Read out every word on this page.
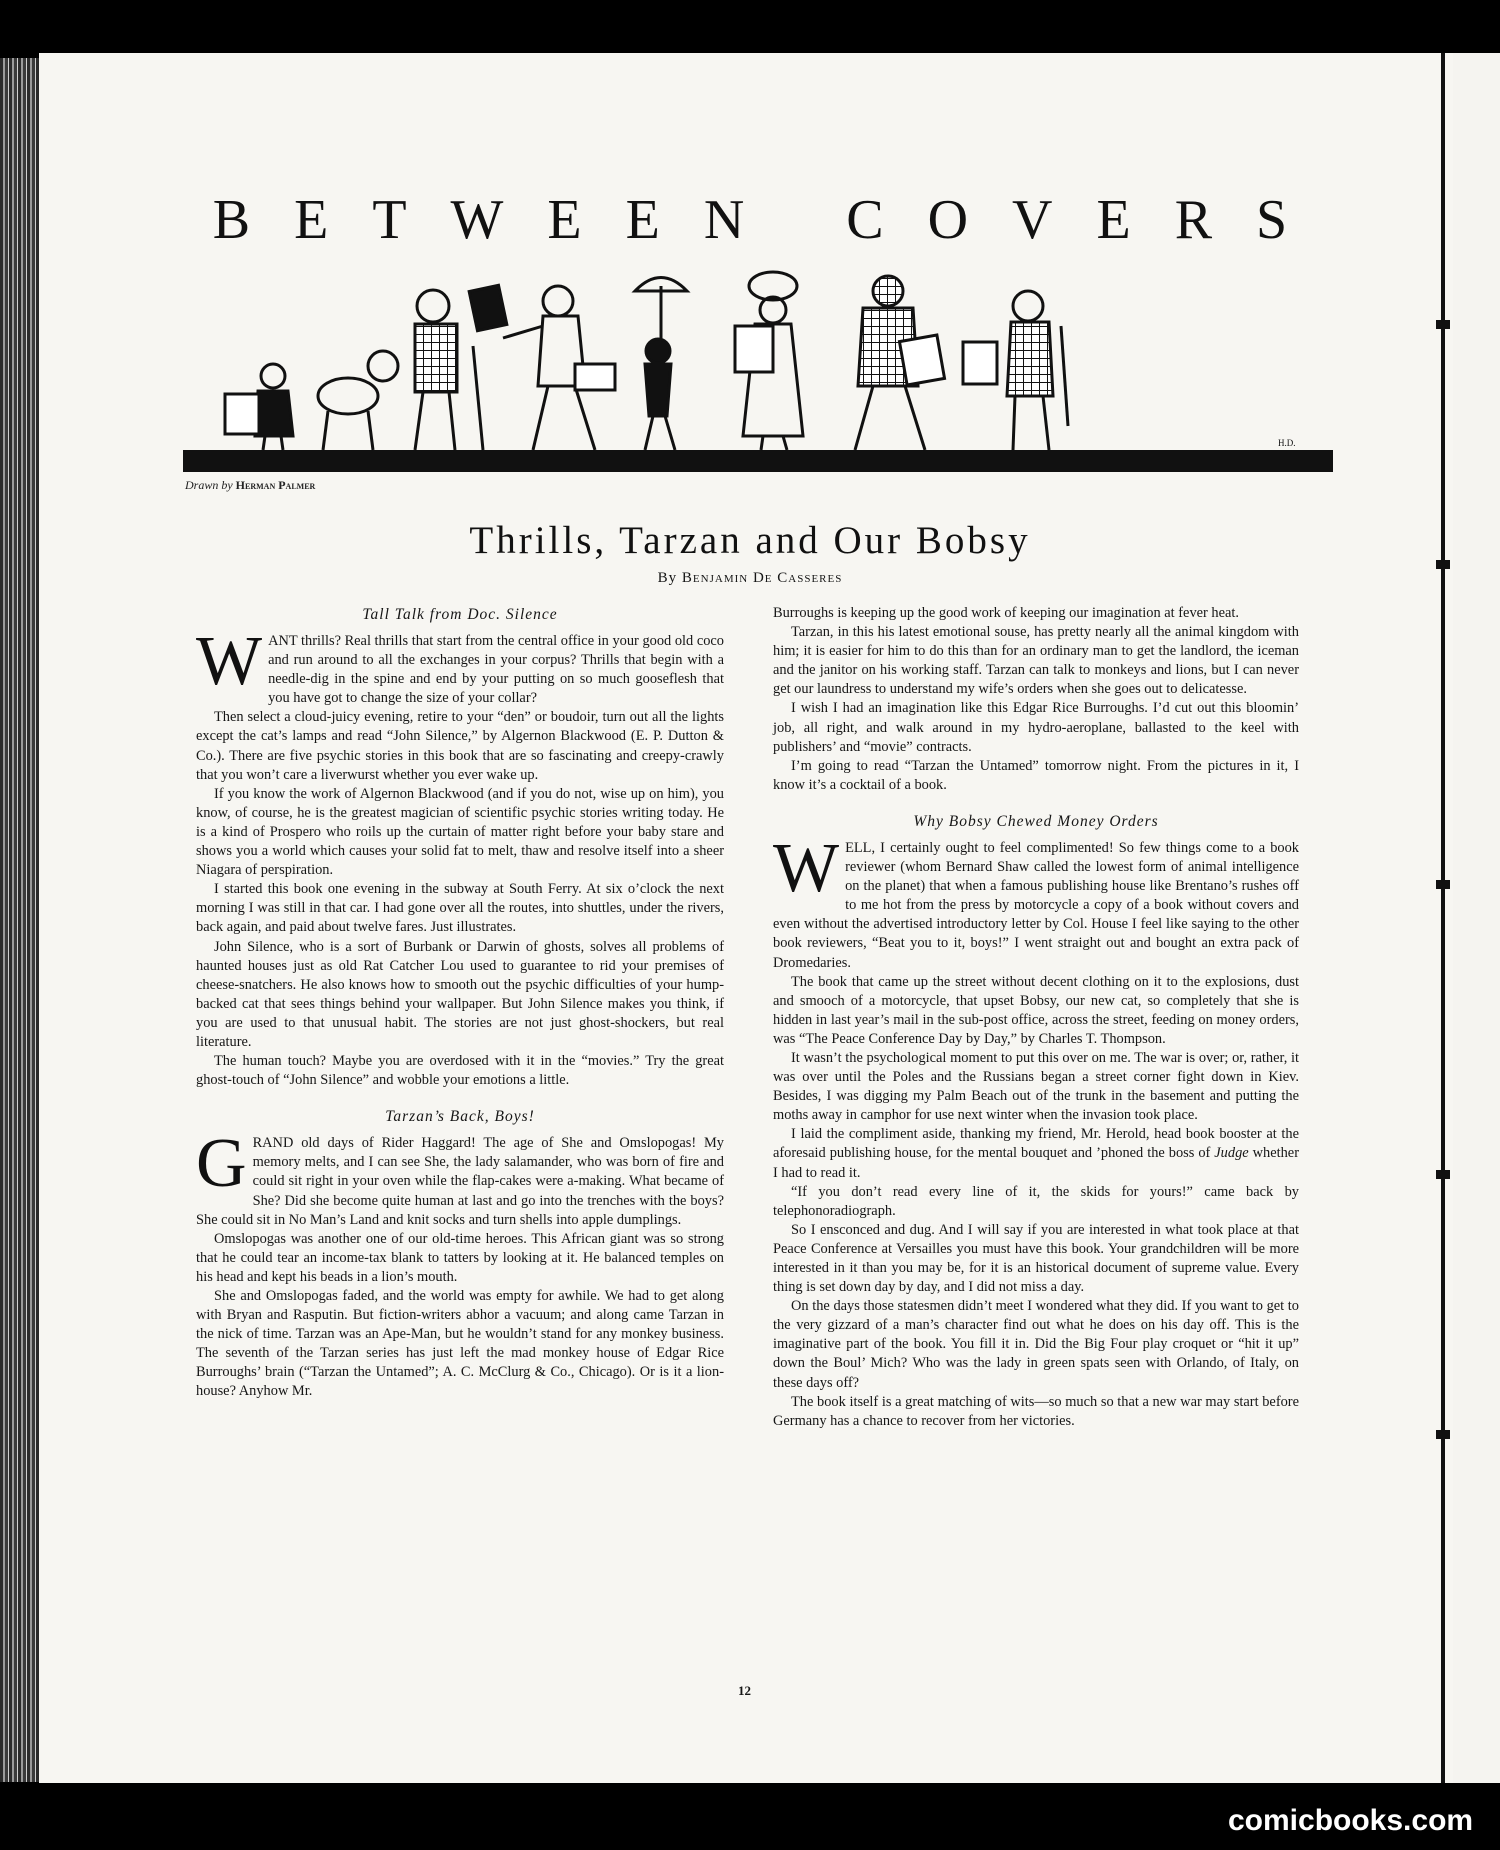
BETWEEN COVERS
H.D.
Drawn by Herman Palmer
Thrills, Tarzan and Our Bobsy
By Benjamin De Casseres
Tall Talk from Doc. Silence

WANT thrills? Real thrills that start from the central office in your good old coco and run around to all the exchanges in your corpus? Thrills that begin with a needle-dig in the spine and end by your putting on so much gooseflesh that you have got to change the size of your collar?

Then select a cloud-juicy evening, retire to your “den” or boudoir, turn out all the lights except the cat’s lamps and read “John Silence,” by Algernon Blackwood (E. P. Dutton & Co.). There are five psychic stories in this book that are so fascinating and creepy-crawly that you won’t care a liverwurst whether you ever wake up.

If you know the work of Algernon Blackwood (and if you do not, wise up on him), you know, of course, he is the greatest magician of scientific psychic stories writing today. He is a kind of Prospero who roils up the curtain of matter right before your baby stare and shows you a world which causes your solid fat to melt, thaw and resolve itself into a sheer Niagara of perspiration.

I started this book one evening in the subway at South Ferry. At six o’clock the next morning I was still in that car. I had gone over all the routes, into shuttles, under the rivers, back again, and paid about twelve fares. Just illustrates.

John Silence, who is a sort of Burbank or Darwin of ghosts, solves all problems of haunted houses just as old Rat Catcher Lou used to guarantee to rid your premises of cheese-snatchers. He also knows how to smooth out the psychic difficulties of your hump-backed cat that sees things behind your wallpaper. But John Silence makes you think, if you are used to that unusual habit. The stories are not just ghost-shockers, but real literature.

The human touch? Maybe you are overdosed with it in the “movies.” Try the great ghost-touch of “John Silence” and wobble your emotions a little.

Tarzan’s Back, Boys!

GRAND old days of Rider Haggard! The age of She and Omslopogas! My memory melts, and I can see She, the lady salamander, who was born of fire and could sit right in your oven while the flap-cakes were a-making. What became of She? Did she become quite human at last and go into the trenches with the boys? She could sit in No Man’s Land and knit socks and turn shells into apple dumplings.

Omslopogas was another one of our old-time heroes. This African giant was so strong that he could tear an income-tax blank to tatters by looking at it. He balanced temples on his head and kept his beads in a lion’s mouth.

She and Omslopogas faded, and the world was empty for awhile. We had to get along with Bryan and Rasputin. But fiction-writers abhor a vacuum; and along came Tarzan in the nick of time. Tarzan was an Ape-Man, but he wouldn’t stand for any monkey business. The seventh of the Tarzan series has just left the mad monkey house of Edgar Rice Burroughs’ brain (“Tarzan the Untamed”; A. C. McClurg & Co., Chicago). Or is it a lion-house? Anyhow Mr.

Burroughs is keeping up the good work of keeping our imagination at fever heat.

Tarzan, in this his latest emotional souse, has pretty nearly all the animal kingdom with him; it is easier for him to do this than for an ordinary man to get the landlord, the iceman and the janitor on his working staff. Tarzan can talk to monkeys and lions, but I can never get our laundress to understand my wife’s orders when she goes out to delicatesse.

I wish I had an imagination like this Edgar Rice Burroughs. I’d cut out this bloomin’ job, all right, and walk around in my hydro-aeroplane, ballasted to the keel with publishers’ and “movie” contracts.

I’m going to read “Tarzan the Untamed” tomorrow night. From the pictures in it, I know it’s a cocktail of a book.

Why Bobsy Chewed Money Orders

WELL, I certainly ought to feel complimented! So few things come to a book reviewer (whom Bernard Shaw called the lowest form of animal intelligence on the planet) that when a famous publishing house like Brentano’s rushes off to me hot from the press by motorcycle a copy of a book without covers and even without the advertised introductory letter by Col. House I feel like saying to the other book reviewers, “Beat you to it, boys!” I went straight out and bought an extra pack of Dromedaries.

The book that came up the street without decent clothing on it to the explosions, dust and smooch of a motorcycle, that upset Bobsy, our new cat, so completely that she is hidden in last year’s mail in the sub-post office, across the street, feeding on money orders, was “The Peace Conference Day by Day,” by Charles T. Thompson.

It wasn’t the psychological moment to put this over on me. The war is over; or, rather, it was over until the Poles and the Russians began a street corner fight down in Kiev. Besides, I was digging my Palm Beach out of the trunk in the basement and putting the moths away in camphor for use next winter when the invasion took place.

I laid the compliment aside, thanking my friend, Mr. Herold, head book booster at the aforesaid publishing house, for the mental bouquet and ’phoned the boss of Judge whether I had to read it.

“If you don’t read every line of it, the skids for yours!” came back by telephonoradiograph.

So I ensconced and dug. And I will say if you are interested in what took place at that Peace Conference at Versailles you must have this book. Your grandchildren will be more interested in it than you may be, for it is an historical document of supreme value. Every thing is set down day by day, and I did not miss a day.

On the days those statesmen didn’t meet I wondered what they did. If you want to get to the very gizzard of a man’s character find out what he does on his day off. This is the imaginative part of the book. You fill it in. Did the Big Four play croquet or “hit it up” down the Boul’ Mich? Who was the lady in green spats seen with Orlando, of Italy, on these days off?

The book itself is a great matching of wits—so much so that a new war may start before Germany has a chance to recover from her victories.

12
comicbooks.com
